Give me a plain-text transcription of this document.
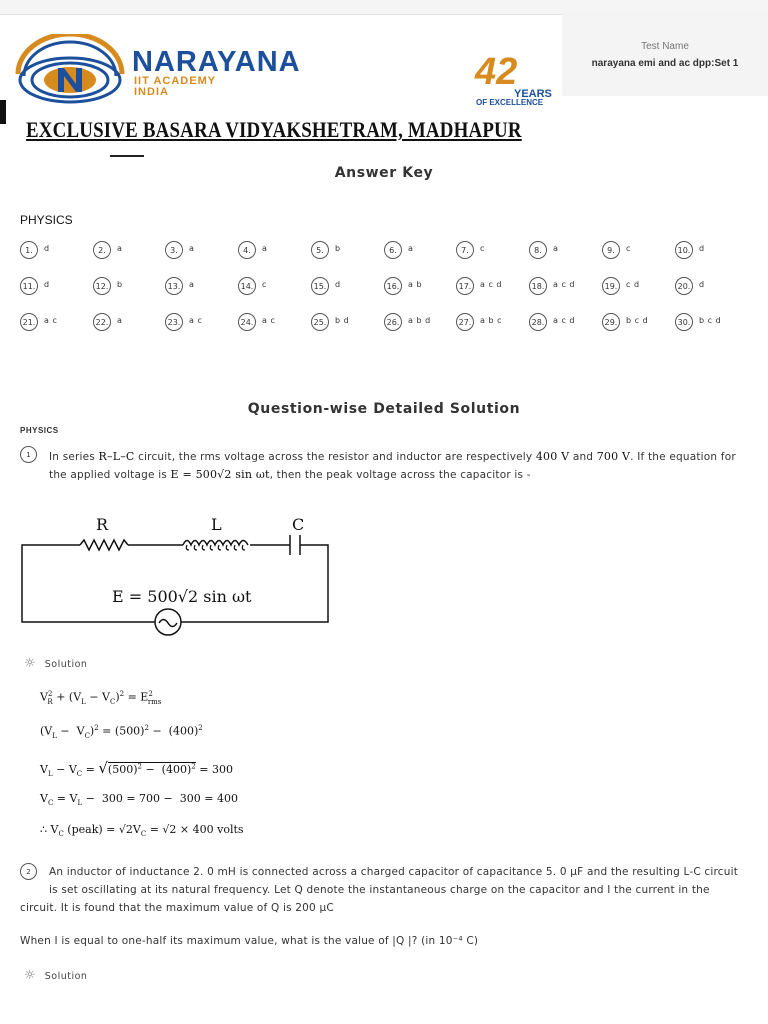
Test Name
narayana emi and ac dpp:Set 1
NARAYANA
IIT ACADEMY
INDIA	42
YEARS
OF EXCELLENCE
EXCLUSIVE BASARA VIDYAKSHETRAM, MADHAPUR
Answer Key
PHYSICS
1.	d	2.	a	3.	a	4.	a	5.	b	6.	a	7.	c	8.	a	9.	c	10.	d
11.	d	12.	b	13.	a	14.	c	15.	d	16.	a b	17.	a c d	18.	a c d	19.	c d	20.	d
21.	a c	22.	a	23.	a c	24.	a c	25.	b d	26.	a b d	27.	a b c	28.	a c d	29.	b c d	30.	b c d
Question-wise Detailed Solution
PHYSICS
1	In series R–L–C circuit, the rms voltage across the resistor and inductor are respectively 400 V and 700 V. If the equation for
the applied voltage is E = 500√2 sin ωt, then the peak voltage across the capacitor is -
R	L	C
E = 500√2 sin ωt
☼ Solution
$V^2_R + (V_L - V_C)^2 = E^2_{rms}$
$(V_L - V_C)^2 = (500)^2 - (400)^2$
$V_L - V_C = √(500)^2 - (400)^2 = 300$
$V_C = V_L - 300 = 700 - 300 = 400$
∴ $V_C$ (peak) = $√2V_C = √2 \times 400$ volts
2	An inductor of inductance 2. 0 mH is connected across a charged capacitor of capacitance 5. 0 µF and the resulting L-C circuit
is set oscillating at its natural frequency. Let Q denote the instantaneous charge on the capacitor and I the current in the
circuit. It is found that the maximum value of Q is 200 µC
When I is equal to one-half its maximum value, what is the value of |Q |? (in 10⁻⁴ C)
☼ Solution
